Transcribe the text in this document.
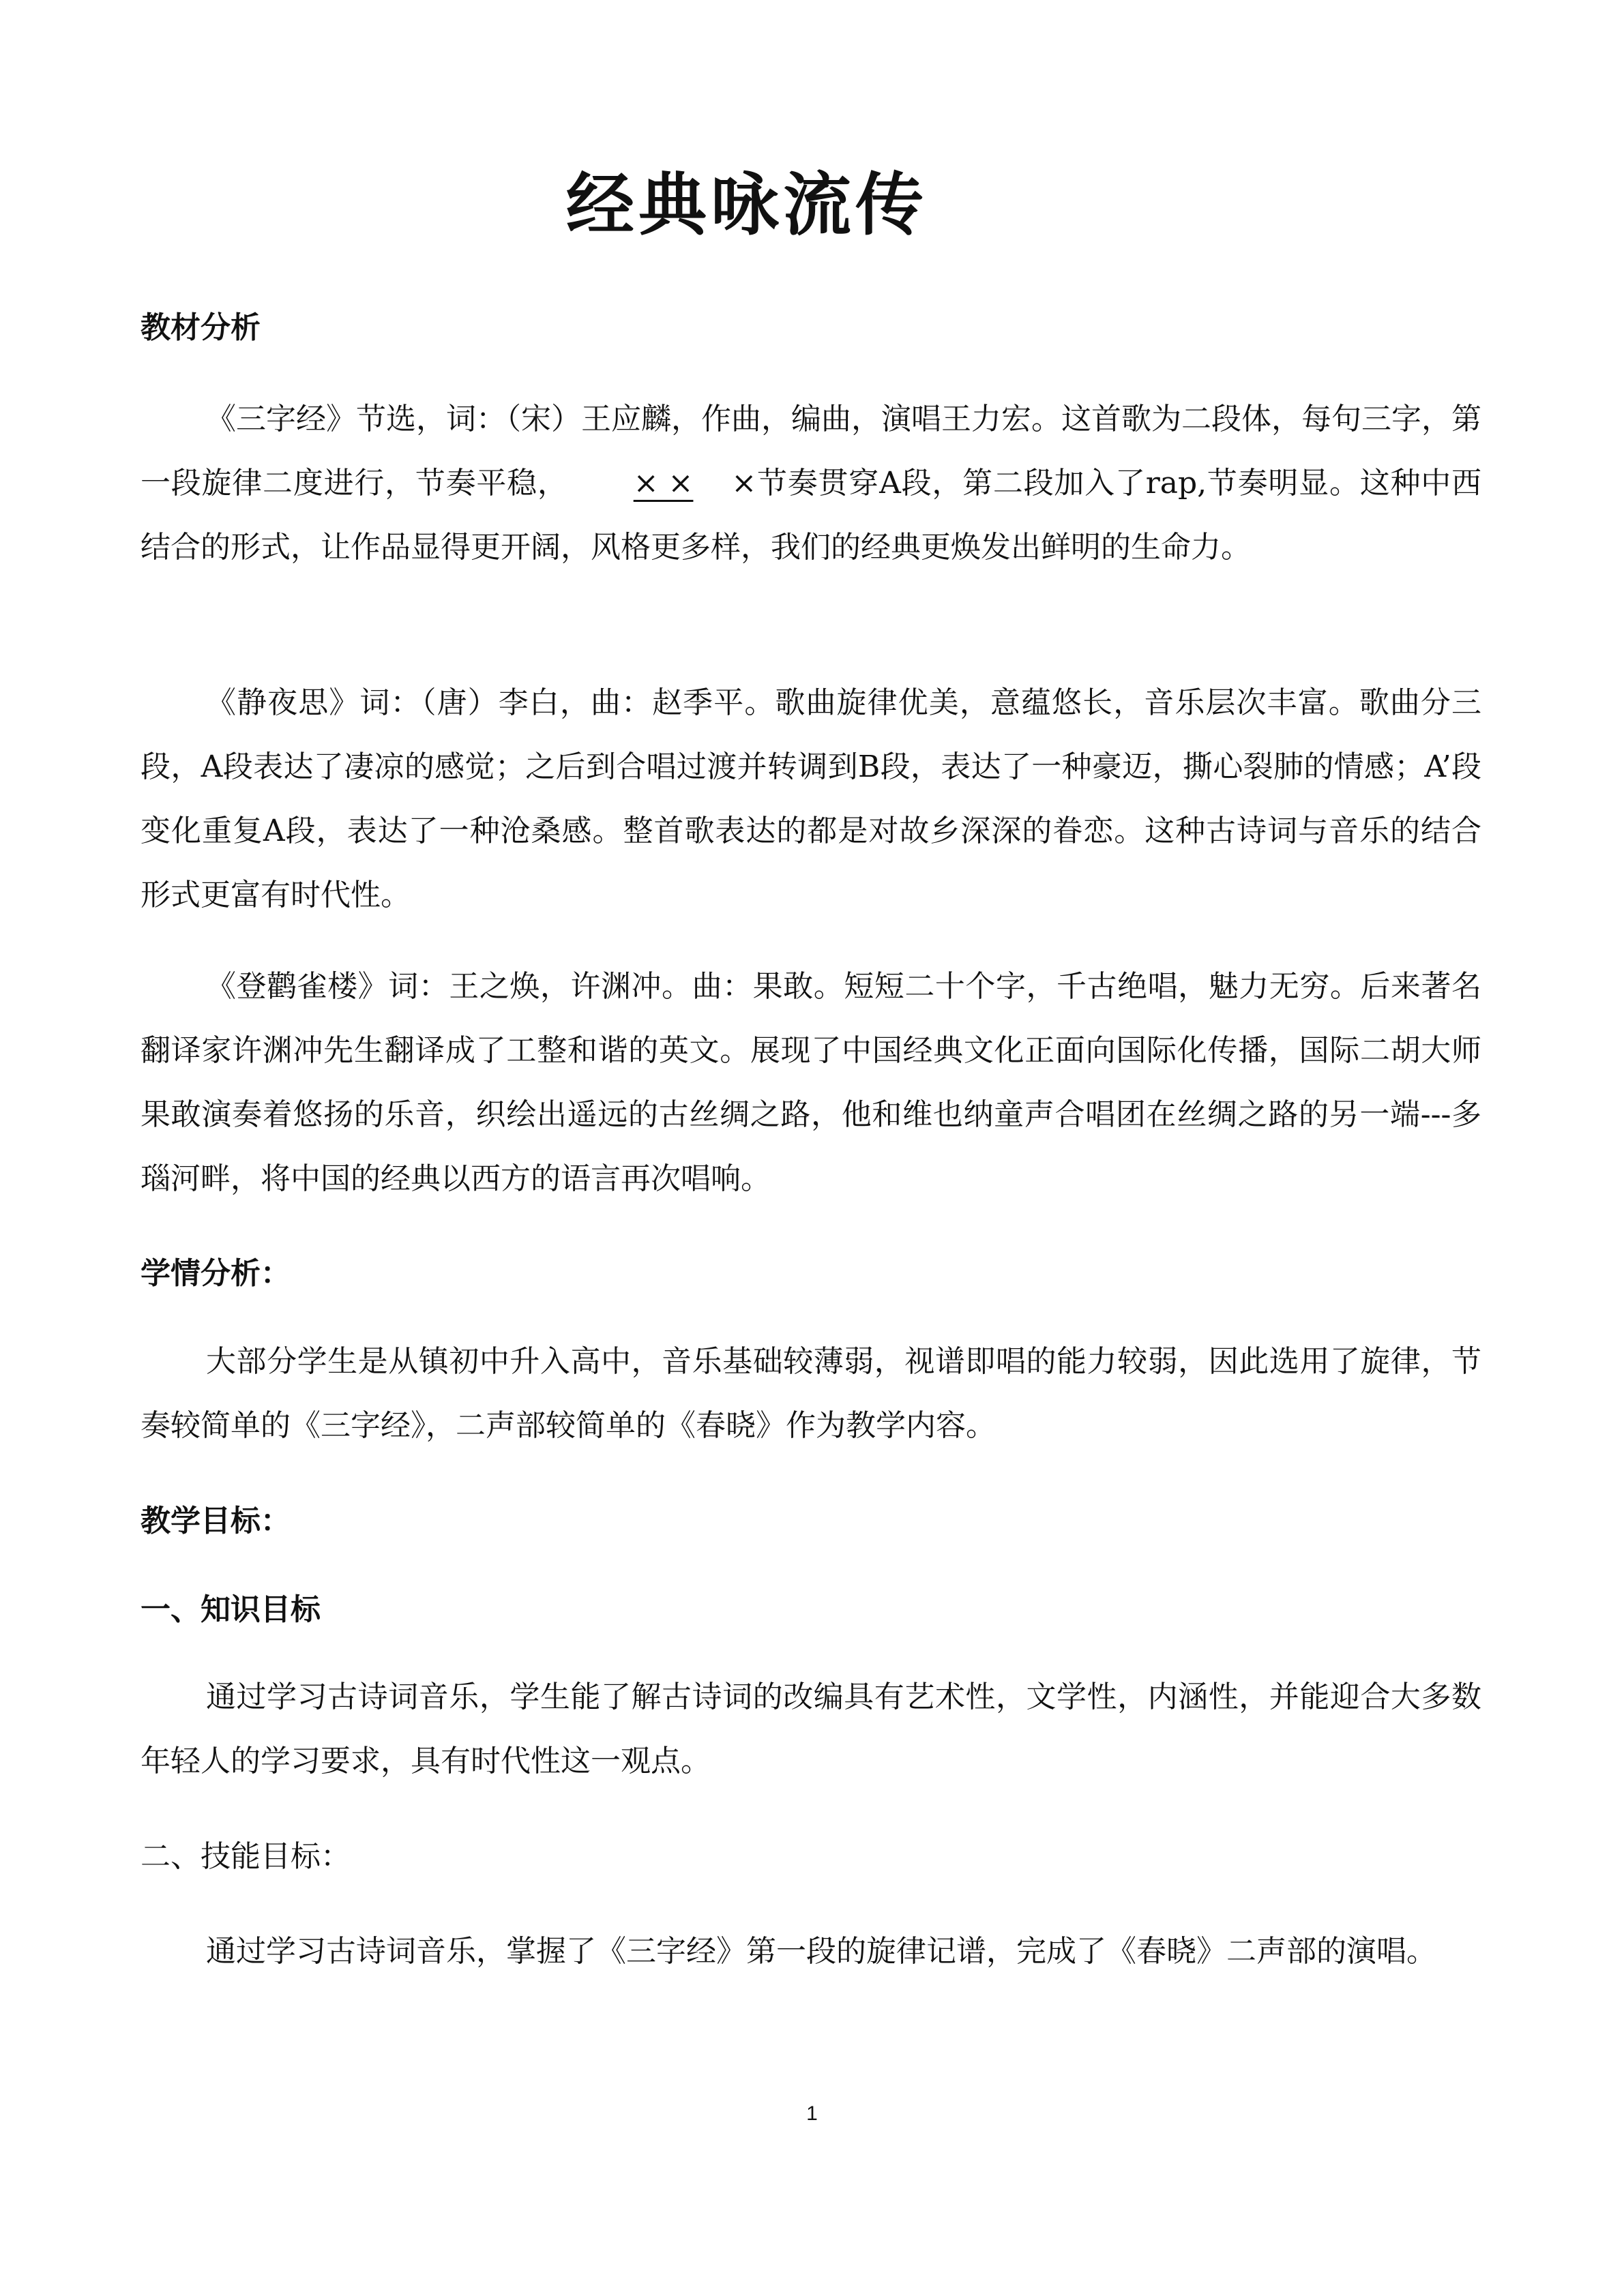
经典咏流传
教材分析

《三字经》节选，词：（宋）王应麟，作曲，编曲，演唱王力宏。这首歌为二段体，每句三字，第一段旋律二度进行，节奏平稳， × ×    ×节奏贯穿A段，第二段加入了rap,节奏明显。这种中西结合的形式，让作品显得更开阔，风格更多样，我们的经典更焕发出鲜明的生命力。

《静夜思》词：（唐）李白，曲：赵季平。歌曲旋律优美，意蕴悠长，音乐层次丰富。歌曲分三段，A段表达了凄凉的感觉；之后到合唱过渡并转调到B段，表达了一种豪迈，撕心裂肺的情感；A’段变化重复A段，表达了一种沧桑感。整首歌表达的都是对故乡深深的眷恋。这种古诗词与音乐的结合形式更富有时代性。

《登鹳雀楼》词：王之焕，许渊冲。曲：果敢。短短二十个字，千古绝唱，魅力无穷。后来著名翻译家许渊冲先生翻译成了工整和谐的英文。展现了中国经典文化正面向国际化传播，国际二胡大师果敢演奏着悠扬的乐音，织绘出遥远的古丝绸之路，他和维也纳童声合唱团在丝绸之路的另一端---多瑙河畔，将中国的经典以西方的语言再次唱响。

学情分析：

大部分学生是从镇初中升入高中，音乐基础较薄弱，视谱即唱的能力较弱，因此选用了旋律，节奏较简单的《三字经》，二声部较简单的《春晓》作为教学内容。

教学目标：
一、知识目标

通过学习古诗词音乐，学生能了解古诗词的改编具有艺术性，文学性，内涵性，并能迎合大多数年轻人的学习要求，具有时代性这一观点。

二、技能目标：

通过学习古诗词音乐，掌握了《三字经》第一段的旋律记谱，完成了《春晓》二声部的演唱。

1
